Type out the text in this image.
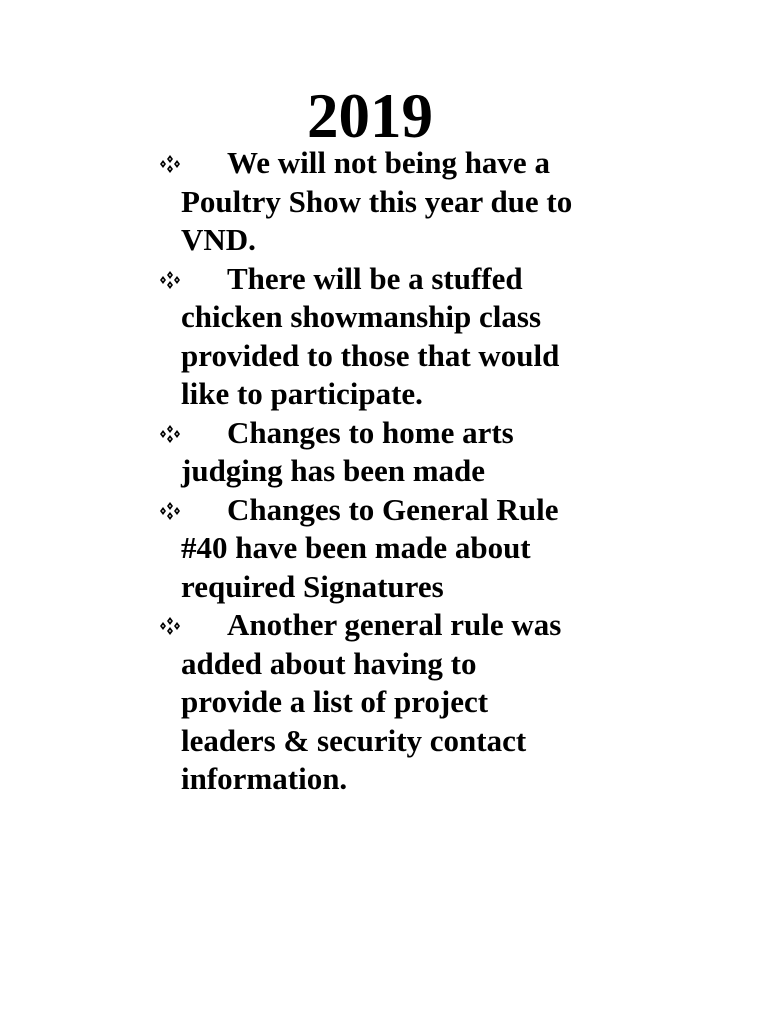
2019
We will not being have a
Poultry Show this year due to
VND.
There will be a stuffed
chicken showmanship class
provided to those that would
like to participate.
Changes to home arts
judging has been made
Changes to General Rule
#40 have been made about
required Signatures
Another general rule was
added about having to
provide a list of project
leaders & security contact
information.
